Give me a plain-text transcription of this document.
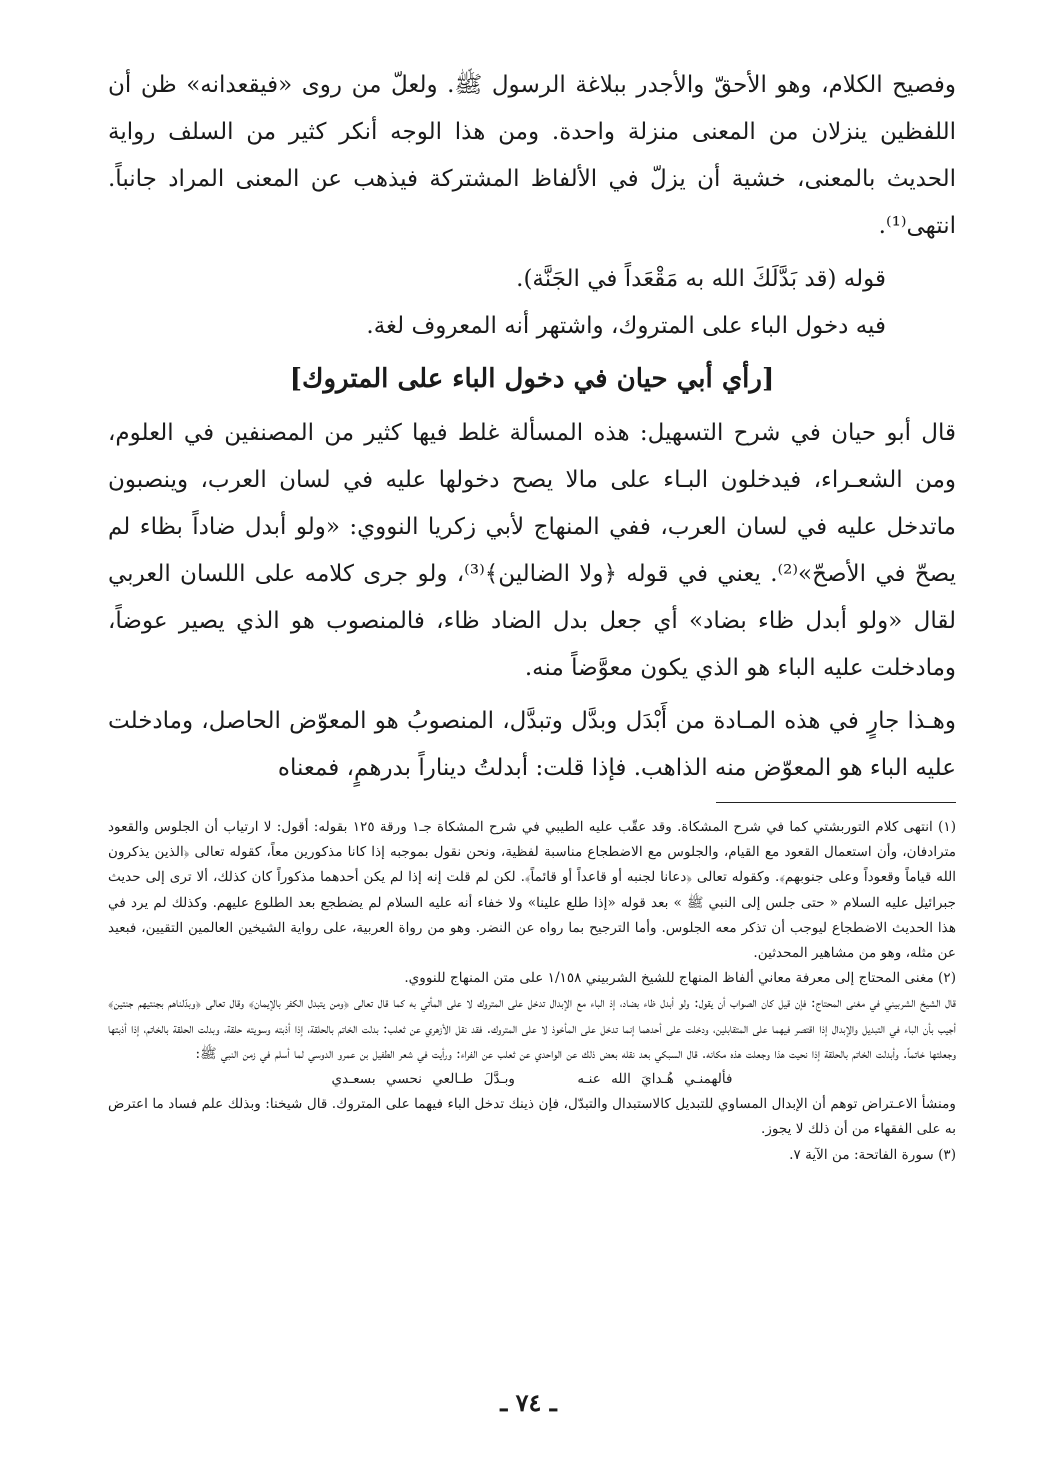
وفصيح الكلام، وهو الأحقّ والأجدر ببلاغة الرسول ﷺ. ولعلّ من روى «فيقعدانه» ظن أن اللفظين ينزلان من المعنى منزلة واحدة. ومن هذا الوجه أنكر كثير من السلف رواية الحديث بالمعنى، خشية أن يزلّ في الألفاظ المشتركة فيذهب عن المعنى المراد جانباً. انتهى⁽¹⁾.

قوله (قد بَدَّلَكَ الله به مَقْعَداً في الجَنَّة).

فيه دخول الباء على المتروك، واشتهر أنه المعروف لغة.

[رأي أبي حيان في دخول الباء على المتروك]

قال أبو حيان في شرح التسهيل: هذه المسألة غلط فيها كثير من المصنفين في العلوم، ومن الشعـراء، فيدخلون البـاء على مالا يصح دخولها عليه في لسان العرب، وينصبون ماتدخل عليه في لسان العرب، ففي المنهاج لأبي زكريا النووي: «ولو أبدل ضاداً بظاء لم يصحّ في الأصحّ»⁽²⁾. يعني في قوله ﴿ولا الضالين﴾⁽³⁾، ولو جرى كلامه على اللسان العربي لقال «ولو أبدل ظاء بضاد» أي جعل بدل الضاد ظاء، فالمنصوب هو الذي يصير عوضاً، ومادخلت عليه الباء هو الذي يكون معوَّضاً منه.

وهـذا جارٍ في هذه المـادة من أَبْدَل وبدَّل وتبدَّل، المنصوبُ هو المعوّض الحاصل، ومادخلت عليه الباء هو المعوّض منه الذاهب. فإذا قلت: أبدلتُ ديناراً بدرهمٍ، فمعناه

(١) انتهى كلام التوربشتي كما في شرح المشكاة. وقد عقّب عليه الطيبي في شرح المشكاة جـ١ ورقة ١٢٥ بقوله: أقول: لا ارتياب أن الجلوس والقعود مترادفان، وأن استعمال القعود مع القيام، والجلوس مع الاضطجاع مناسبة لفظية، ونحن نقول بموجبه إذا كانا مذكورين معاً، كقوله تعالى ﴿الذين يذكرون الله قياماً وقعوداً وعلى جنوبهم﴾. وكقوله تعالى ﴿دعانا لجنبه أو قاعداً أو قائماً﴾. لكن لم قلت إنه إذا لم يكن أحدهما مذكوراً كان كذلك، ألا ترى إلى حديث جبرائيل عليه السلام « حتى جلس إلى النبي ﷺ » بعد قوله «إذا طلع علينا» ولا خفاء أنه عليه السلام لم يضطجع بعد الطلوع عليهم. وكذلك لم يرد في هذا الحديث الاضطجاع ليوجب أن تذكر معه الجلوس. وأما الترجيح بما رواه عن النضر. وهو من رواة العربية، على رواية الشيخين العالمين التقيين، فبعيد عن مثله، وهو من مشاهير المحدثين.

(٢) مغنى المحتاج إلى معرفة معاني ألفاظ المنهاج للشيخ الشربيني ١/١٥٨ على متن المنهاج للنووي.

قال الشيخ الشربيني في مغنى المحتاج: فإن قيل كان الصواب أن يقول: ولو أبدل ظاء بضاد، إذ الباء مع الإبدال تدخل على المتروك لا على المأتي به كما قال تعالى ﴿ومن يتبدل الكفر بالإيمان﴾ وقال تعالى ﴿وبدّلناهم بجنتيهم جنتين﴾ أجيب بأن الباء في التبديل والإبدال إذا اقتصر فيهما على المتقابلين، ودخلت على أحدهما إنما تدخل على المأخوذ لا على المتروك. فقد نقل الأزهري عن ثعلب: بدلت الخاتم بالحلقة، إذا أذبته وسويته حلقة، وبدلت الحلقة بالخاتم، إذا أذبتها وجعلتها خاتماً. وأبدلت الخاتم بالحلقة إذا نحيت هذا وجعلت هذه مكانه. قال السبكي بعد نقله بعض ذلك عن الواحدي عن ثعلب عن الفراء: ورأيت في شعر الطفيل بن عمرو الدوسي لما أسلم في زمن النبي ﷺ:

فألهمنـي هُـدايَ الله عنـه وبـدَّلَ طـالعي نحسي بسعـدي

ومنشأ الاعـتراض توهم أن الإبدال المساوي للتبديل كالاستبدال والتبدّل، فإن ذينك تدخل الباء فيهما على المتروك. قال شيخنا: وبذلك علم فساد ما اعترض به على الفقهاء من أن ذلك لا يجوز.

(٣) سورة الفاتحة: من الآية ٧.

ـ ٧٤ ـ
